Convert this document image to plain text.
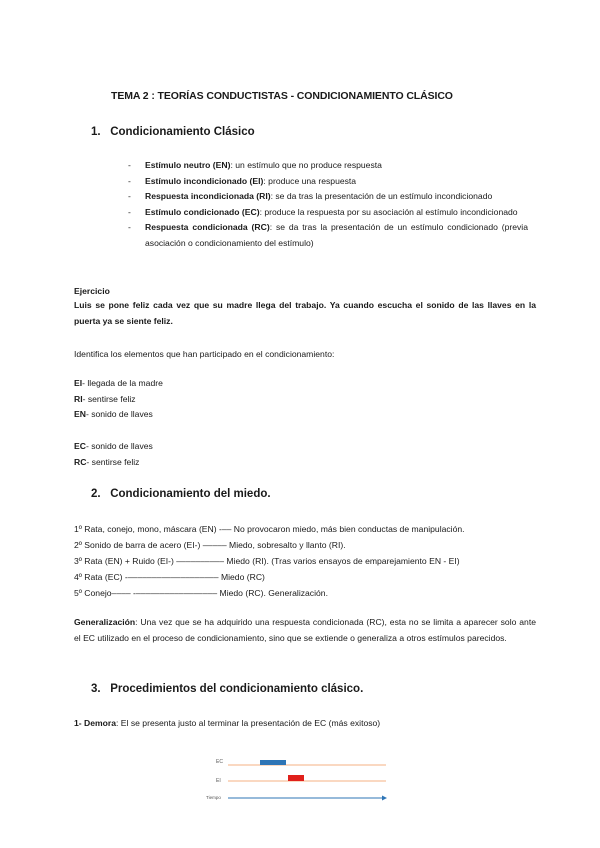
TEMA 2 : TEORÍAS CONDUCTISTAS - CONDICIONAMIENTO CLÁSICO
1. Condicionamiento Clásico
- Estímulo neutro (EN): un estímulo que no produce respuesta
- Estímulo incondicionado (EI): produce una respuesta
- Respuesta incondicionada (RI): se da tras la presentación de un estímulo incondicionado
- Estímulo condicionado (EC): produce la respuesta por su asociación al estímulo incondicionado
- Respuesta condicionada (RC): se da tras la presentación de un estímulo condicionado (previa asociación o condicionamiento del estímulo)
Ejercicio
Luis se pone feliz cada vez que su madre llega del trabajo. Ya cuando escucha el sonido de las llaves en la puerta ya se siente feliz.
Identifica los elementos que han participado en el condicionamiento:
EI- llegada de la madre
RI- sentirse feliz
EN- sonido de llaves
EC- sonido de llaves
RC- sentirse feliz
2. Condicionamiento del miedo.
1º Rata, conejo, mono, máscara (EN) -–– No provocaron miedo, más bien conductas de manipulación.
2º Sonido de barra de acero (EI-) ––––– Miedo, sobresalto y llanto (RI).
3º Rata (EN) + Ruido (EI-) –––––––––– Miedo (RI). (Tras varios ensayos de emparejamiento EN - EI)
4º Rata (EC) -––––––––––––––––––– Miedo (RC)
5º Conejo–––– -––––––––––––––––– Miedo (RC). Generalización.
Generalización: Una vez que se ha adquirido una respuesta condicionada (RC), esta no se limita a aparecer solo ante el EC utilizado en el proceso de condicionamiento, sino que se extiende o generaliza a otros estímulos parecidos.
3. Procedimientos del condicionamiento clásico.
1- Demora: El se presenta justo al terminar la presentación de EC (más exitoso)
EC
EI
Tiempo
